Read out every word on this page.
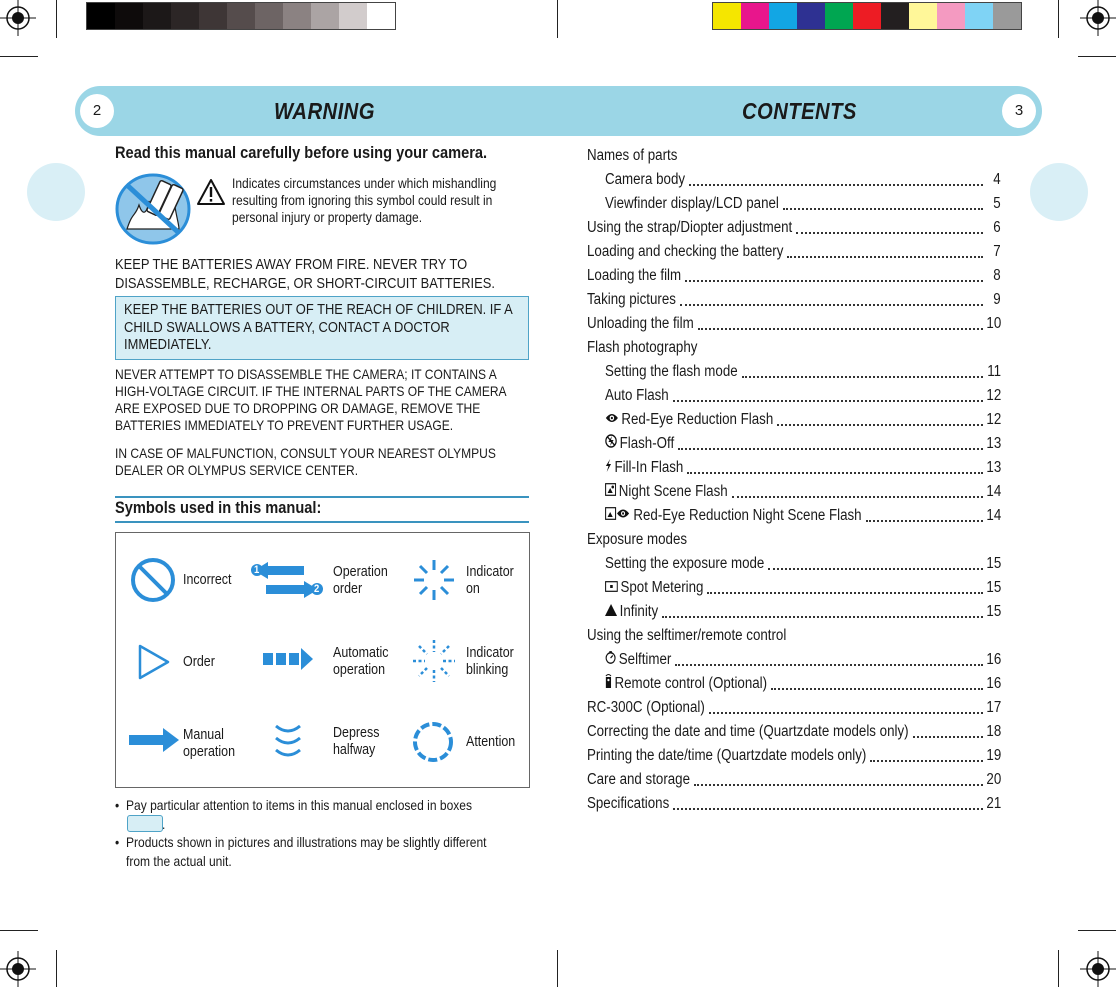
2	3
WARNING	CONTENTS
Read this manual carefully before using your camera.
Indicates circumstances under which mishandling
resulting from ignoring this symbol could result in
personal injury or property damage.
KEEP THE BATTERIES AWAY FROM FIRE. NEVER TRY TO
DISASSEMBLE, RECHARGE, OR SHORT-CIRCUIT BATTERIES.
KEEP THE BATTERIES OUT OF THE REACH OF CHILDREN. IF A
CHILD SWALLOWS A BATTERY, CONTACT A DOCTOR
IMMEDIATELY.
NEVER ATTEMPT TO DISASSEMBLE THE CAMERA; IT CONTAINS A
HIGH-VOLTAGE CIRCUIT. IF THE INTERNAL PARTS OF THE CAMERA
ARE EXPOSED DUE TO DROPPING OR DAMAGE, REMOVE THE
BATTERIES IMMEDIATELY TO PREVENT FURTHER USAGE.
IN CASE OF MALFUNCTION, CONSULT YOUR NEAREST OLYMPUS
DEALER OR OLYMPUS SERVICE CENTER.
Symbols used in this manual:
Incorrect
1
2
Operation
order
Indicator
on
Order
Automatic
operation
Indicator
blinking
Manual
operation
Depress
halfway	Attention
• Pay particular attention to items in this manual enclosed in boxes
.
• Products shown in pictures and illustrations may be slightly different
from the actual unit.
Names of parts
Camera body	4
Viewfinder display/LCD panel	5
Using the strap/Diopter adjustment	6
Loading and checking the battery	7
Loading the film	8
Taking pictures	9
Unloading the film	10
Flash photography
Setting the flash mode	11
Auto Flash	12
Red-Eye Reduction Flash	12
Flash-Off	13
Fill-In Flash	13
Night Scene Flash	14
Red-Eye Reduction Night Scene Flash	14
Exposure modes
Setting the exposure mode	15
Spot Metering	15
Infinity	15
Using the selftimer/remote control
Selftimer	16
Remote control (Optional)	16
RC-300C (Optional)	17
Correcting the date and time (Quartzdate models only)	18
Printing the date/time (Quartzdate models only)	19
Care and storage	20
Specifications	21
